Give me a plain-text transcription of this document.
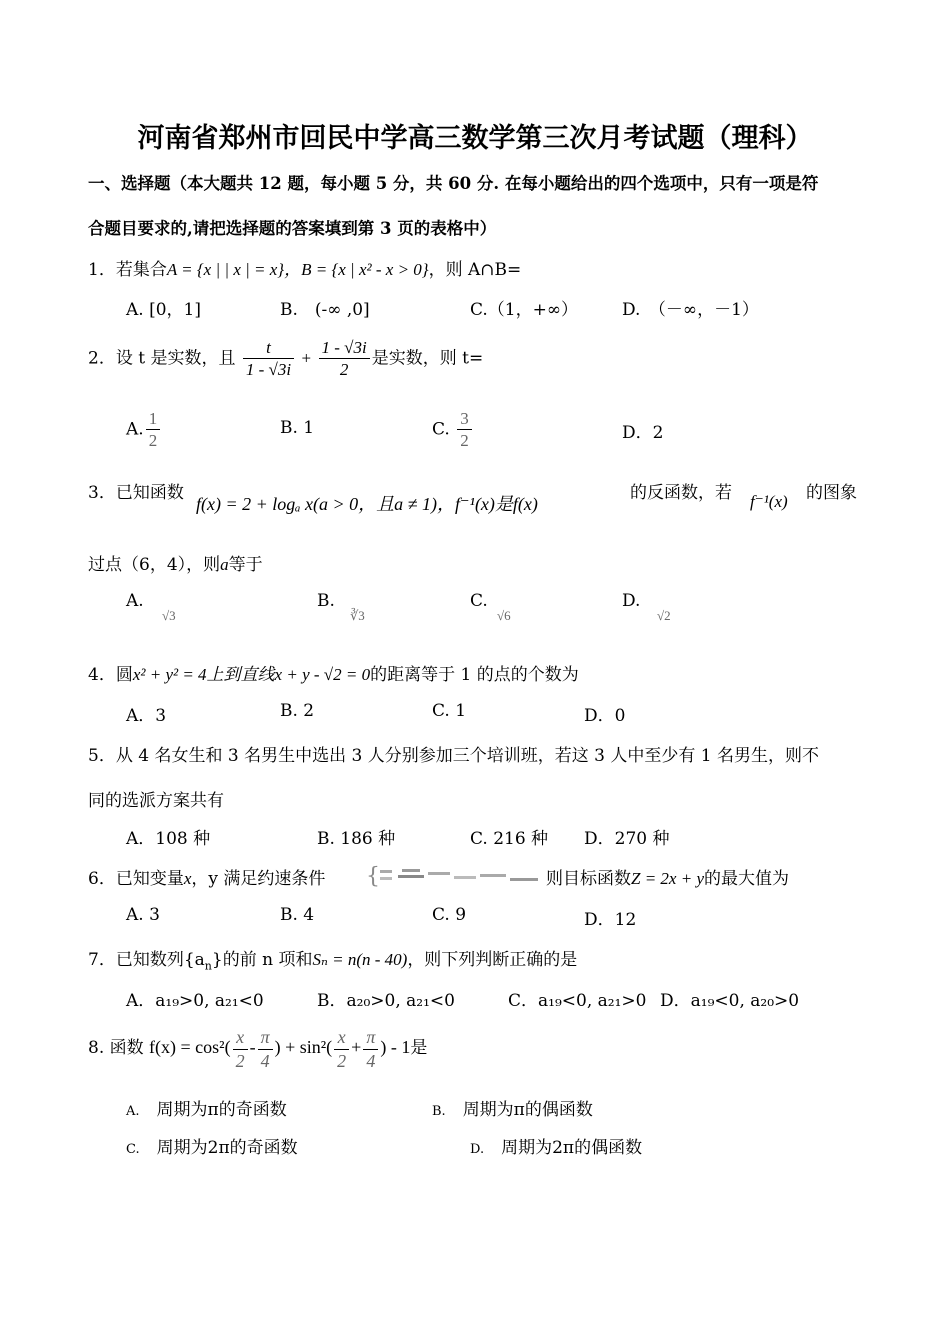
河南省郑州市回民中学高三数学第三次月考试题（理科）
一、选择题（本大题共 12 题，每小题 5 分，共 60 分. 在每小题给出的四个选项中，只有一项是符
合题目要求的,请把选择题的答案填到第 3 页的表格中）
1．若集合A = {x | | x | = x}，B = {x | x² - x > 0}，则 A∩B=
A. [0，1]	B.　(-∞ ,0]	C.（1，+∞）	D.　（－∞，－1）
2．设 t 是实数，且 $\frac{t}{1 - √3i} + \frac{1 - √3i}{2}$ 是实数，则 t=
A. $\frac{1}{2}$	B. 1	C. $\frac{3}{2}$	D．2
3．已知函数
f(x) = 2 + logₐ x(a > 0，且a ≠ 1)，f⁻¹(x)是f(x)
的反函数，若 f⁻¹(x) 的图象
过点（6，4），则a等于
A.
√3
B.
∛3
C.
√6
D.
√2
4．圆x² + y² = 4上到直线x + y - √2 = 0的距离等于 1 的点的个数为
A．3	B. 2	C. 1	D．0
5．从 4 名女生和 3 名男生中选出 3 人分别参加三个培训班，若这 3 人中至少有 1 名男生，则不
同的选派方案共有
A．108 种	B. 186 种	C. 216 种 D．270 种
6．已知变量x，y 满足约速条件 {	则目标函数Z = 2x + y的最大值为
A. 3	B. 4	C. 9	D．12
7．已知数列$\{a_n\}$的前 n 项和Sₙ = n(n - 40)，则下列判断正确的是
A．a₁₉>0, a₂₁<0	B．a₂₀>0, a₂₁<0	C．a₁₉<0, a₂₁>0 D．a₁₉<0, a₂₀>0
8. 函数 $f(x) = \cos^2( \frac{x}{2} - \frac{\pi}{4}$ ) + $\sin^2( \frac{x}{2} + \frac{\pi}{4}$ ) - 1是
A.　 周期为π的奇函数	B.　 周期为π的偶函数
C.　 周期为2π的奇函数	D.　 周期为2π的偶函数
